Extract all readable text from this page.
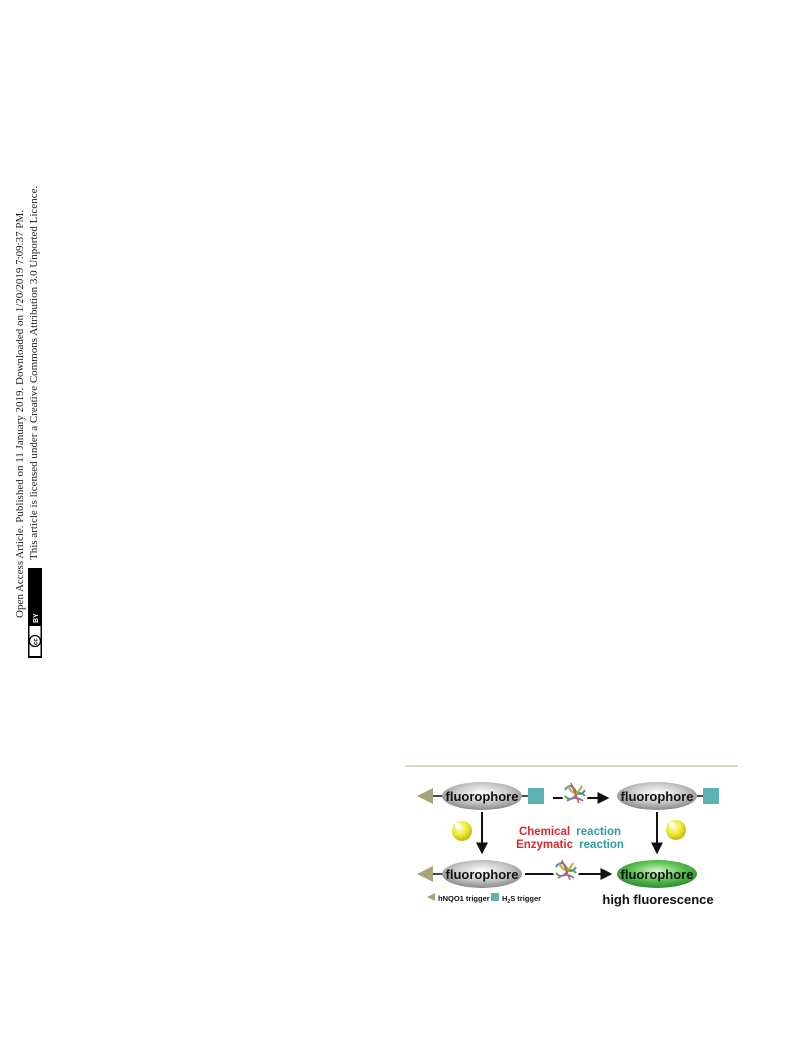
Open Access Article. Published on 11 January 2019. Downloaded on 1/20/2019 7:09:37 PM. This article is licensed under a Creative Commons Attribution 3.0 Unported Licence.
cc
BY
fluorophore	fluorophore
Chemical reaction
Enzymatic reaction
fluorophore	fluorophore
hNQO1 trigger $H_2S$ trigger	high fluorescence
